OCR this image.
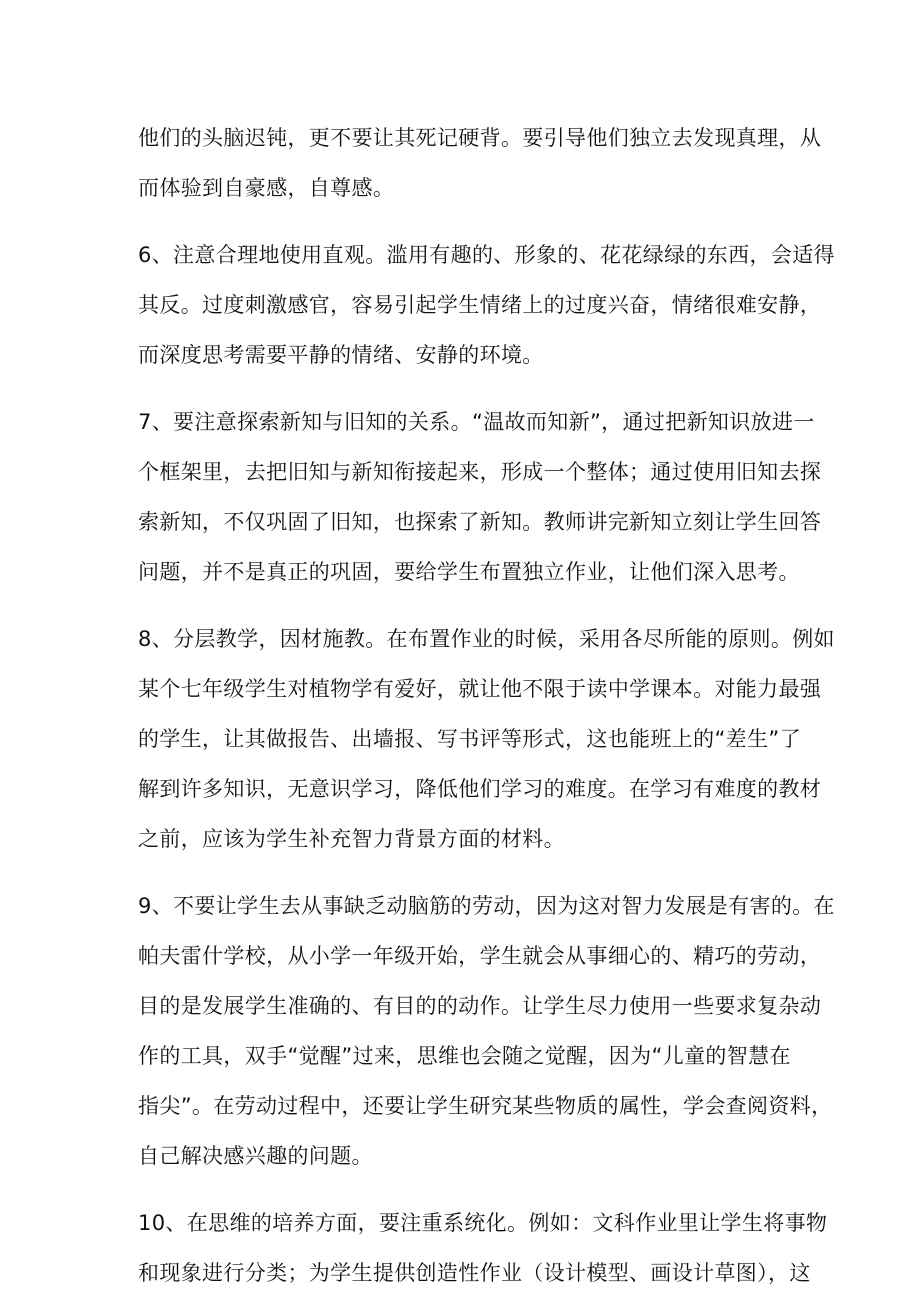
他们的头脑迟钝，更不要让其死记硬背。要引导他们独立去发现真理，从
而体验到自豪感，自尊感。
6、注意合理地使用直观。滥用有趣的、形象的、花花绿绿的东西，会适得
其反。过度刺激感官，容易引起学生情绪上的过度兴奋，情绪很难安静，
而深度思考需要平静的情绪、安静的环境。
7、要注意探索新知与旧知的关系。“温故而知新”，通过把新知识放进一
个框架里，去把旧知与新知衔接起来，形成一个整体；通过使用旧知去探
索新知，不仅巩固了旧知，也探索了新知。教师讲完新知立刻让学生回答
问题，并不是真正的巩固，要给学生布置独立作业，让他们深入思考。
8、分层教学，因材施教。在布置作业的时候，采用各尽所能的原则。例如
某个七年级学生对植物学有爱好，就让他不限于读中学课本。对能力最强
的学生，让其做报告、出墙报、写书评等形式，这也能班上的“差生”了
解到许多知识，无意识学习，降低他们学习的难度。在学习有难度的教材
之前，应该为学生补充智力背景方面的材料。
9、不要让学生去从事缺乏动脑筋的劳动，因为这对智力发展是有害的。在
帕夫雷什学校，从小学一年级开始，学生就会从事细心的、精巧的劳动，
目的是发展学生准确的、有目的的动作。让学生尽力使用一些要求复杂动
作的工具，双手“觉醒”过来，思维也会随之觉醒，因为“儿童的智慧在
指尖”。在劳动过程中，还要让学生研究某些物质的属性，学会查阅资料，
自己解决感兴趣的问题。
10、在思维的培养方面，要注重系统化。例如：文科作业里让学生将事物
和现象进行分类；为学生提供创造性作业（设计模型、画设计草图），这
